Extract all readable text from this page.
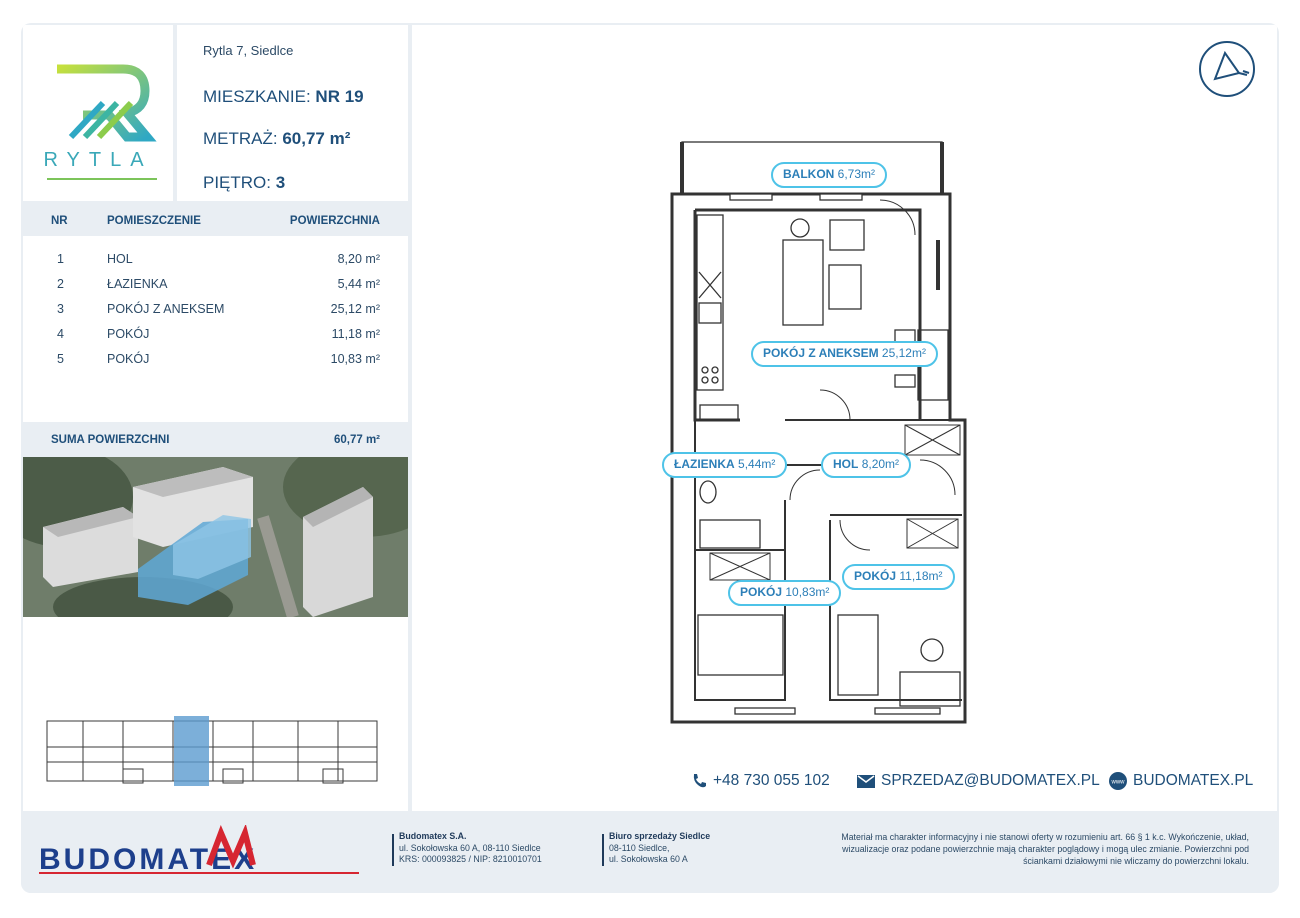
RYTLA
Rytla 7, Siedlce
MIESZKANIE: NR 19
METRAŻ: 60,77 m²
PIĘTRO: 3
NR	POMIESZCZENIE	POWIERZCHNIA
1	HOL	8,20 m²
2	ŁAZIENKA	5,44 m²
3	POKÓJ Z ANEKSEM	25,12 m²
4	POKÓJ	11,18 m²
5	POKÓJ	10,83 m²
SUMA POWIERZCHNI	60,77 m²
BALKON 6,73m²
POKÓJ Z ANEKSEM 25,12m²
ŁAZIENKA 5,44m²	HOL 8,20m²
POKÓJ 10,83m²
POKÓJ 11,18m²
+48 730 055 102	SPRZEDAZ@BUDOMATEX.PL www BUDOMATEX.PL
BUDOMATEX
Budomatex S.A.
ul. Sokołowska 60 A, 08-110 Siedlce
KRS: 000093825 / NIP: 8210010701
Biuro sprzedaży Siedlce
08-110 Siedlce,
ul. Sokołowska 60 A
Materiał ma charakter informacyjny i nie stanowi oferty w rozumieniu art. 66 § 1 k.c. Wykończenie, układ,
wizualizacje oraz podane powierzchnie mają charakter poglądowy i mogą ulec zmianie. Powierzchni pod
ściankami działowymi nie wliczamy do powierzchni lokalu.
